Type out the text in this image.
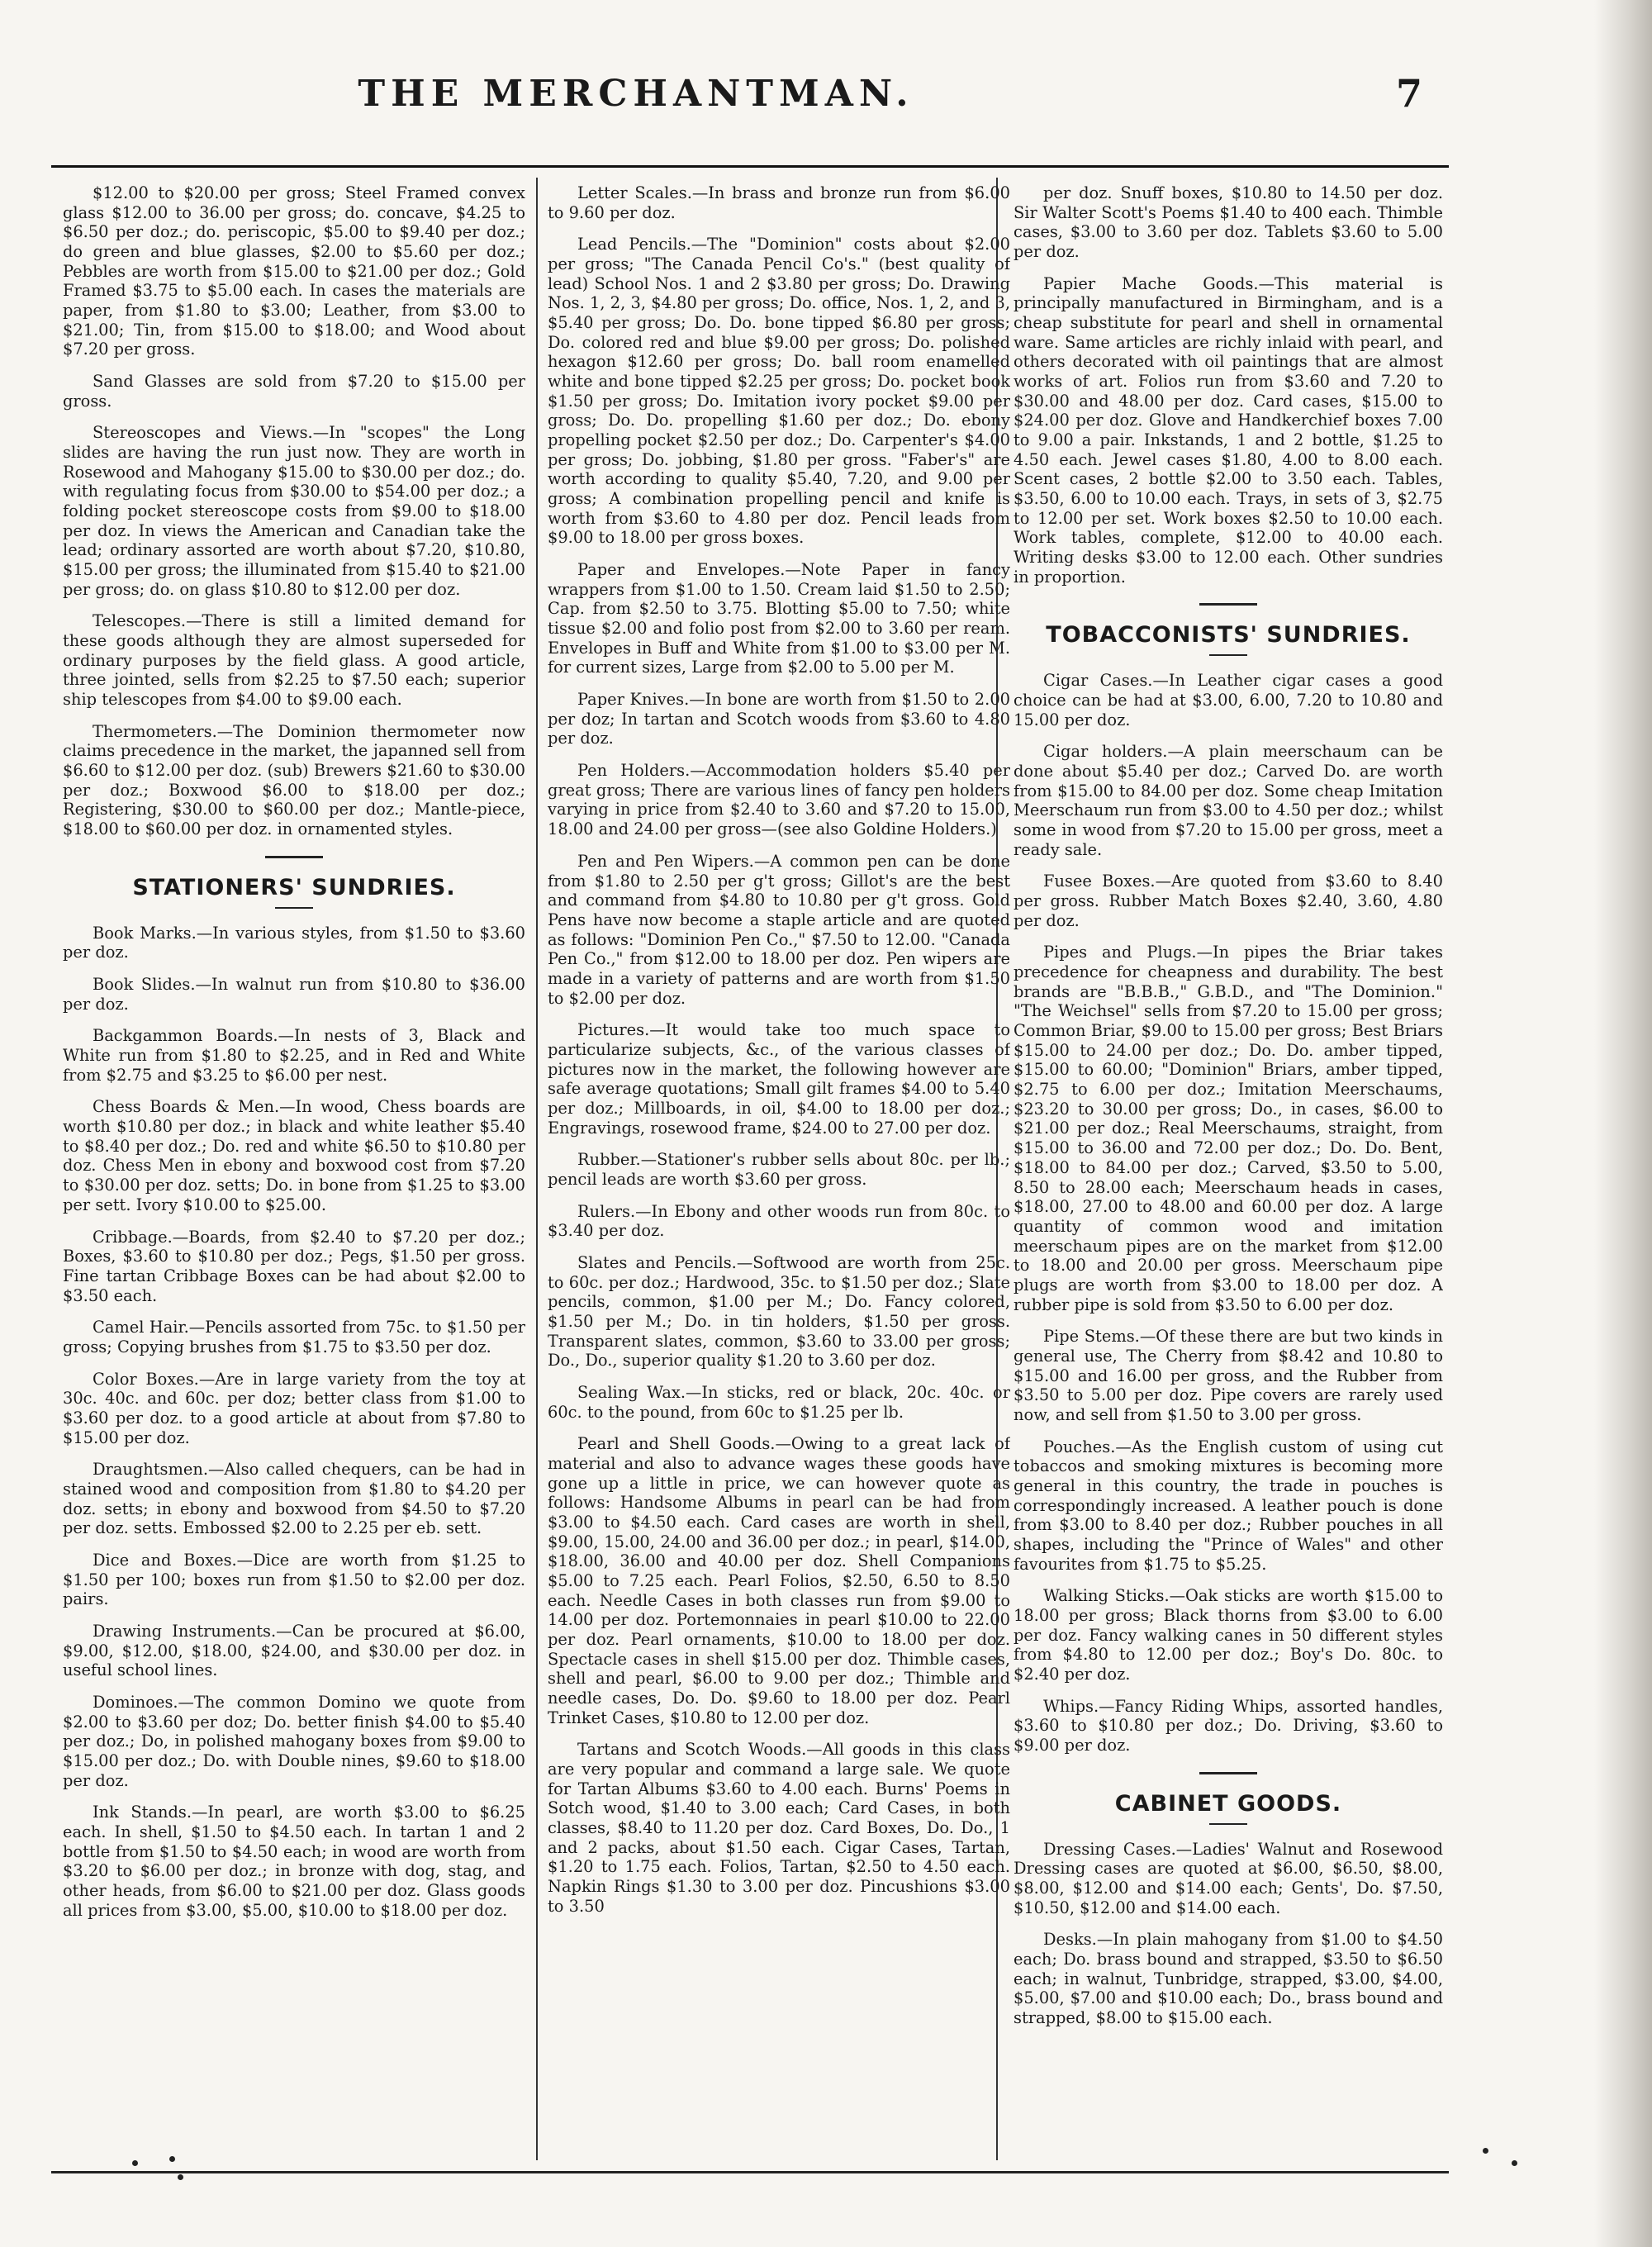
THE MERCHANTMAN.	7

$12.00 to $20.00 per gross; Steel Framed convex glass $12.00 to 36.00 per gross; do. concave, $4.25 to $6.50 per doz.; do. periscopic, $5.00 to $9.40 per doz.; do green and blue glasses, $2.00 to $5.60 per doz.; Pebbles are worth from $15.00 to $21.00 per doz.; Gold Framed $3.75 to $5.00 each. In cases the materials are paper, from $1.80 to $3.00; Leather, from $3.00 to $21.00; Tin, from $15.00 to $18.00; and Wood about $7.20 per gross.

Sand Glasses are sold from $7.20 to $15.00 per gross.

Stereoscopes and Views.—In "scopes" the Long slides are having the run just now. They are worth in Rosewood and Mahogany $15.00 to $30.00 per doz.; do. with regulating focus from $30.00 to $54.00 per doz.; a folding pocket stereoscope costs from $9.00 to $18.00 per doz. In views the American and Canadian take the lead; ordinary assorted are worth about $7.20, $10.80, $15.00 per gross; the illuminated from $15.40 to $21.00 per gross; do. on glass $10.80 to $12.00 per doz.

Telescopes.—There is still a limited demand for these goods although they are almost superseded for ordinary purposes by the field glass. A good article, three jointed, sells from $2.25 to $7.50 each; superior ship telescopes from $4.00 to $9.00 each.

Thermometers.—The Dominion thermometer now claims precedence in the market, the japanned sell from $6.60 to $12.00 per doz. (sub) Brewers $21.60 to $30.00 per doz.; Boxwood $6.00 to $18.00 per doz.; Registering, $30.00 to $60.00 per doz.; Mantle-piece, $18.00 to $60.00 per doz. in ornamented styles.

STATIONERS' SUNDRIES.

Book Marks.—In various styles, from $1.50 to $3.60 per doz.

Book Slides.—In walnut run from $10.80 to $36.00 per doz.

Backgammon Boards.—In nests of 3, Black and White run from $1.80 to $2.25, and in Red and White from $2.75 and $3.25 to $6.00 per nest.

Chess Boards & Men.—In wood, Chess boards are worth $10.80 per doz.; in black and white leather $5.40 to $8.40 per doz.; Do. red and white $6.50 to $10.80 per doz. Chess Men in ebony and boxwood cost from $7.20 to $30.00 per doz. setts; Do. in bone from $1.25 to $3.00 per sett. Ivory $10.00 to $25.00.

Cribbage.—Boards, from $2.40 to $7.20 per doz.; Boxes, $3.60 to $10.80 per doz.; Pegs, $1.50 per gross. Fine tartan Cribbage Boxes can be had about $2.00 to $3.50 each.

Camel Hair.—Pencils assorted from 75c. to $1.50 per gross; Copying brushes from $1.75 to $3.50 per doz.

Color Boxes.—Are in large variety from the toy at 30c. 40c. and 60c. per doz; better class from $1.00 to $3.60 per doz. to a good article at about from $7.80 to $15.00 per doz.

Draughtsmen.—Also called chequers, can be had in stained wood and composition from $1.80 to $4.20 per doz. setts; in ebony and boxwood from $4.50 to $7.20 per doz. setts. Embossed $2.00 to 2.25 per eb. sett.

Dice and Boxes.—Dice are worth from $1.25 to $1.50 per 100; boxes run from $1.50 to $2.00 per doz. pairs.

Drawing Instruments.—Can be procured at $6.00, $9.00, $12.00, $18.00, $24.00, and $30.00 per doz. in useful school lines.

Dominoes.—The common Domino we quote from $2.00 to $3.60 per doz; Do. better finish $4.00 to $5.40 per doz.; Do, in polished mahogany boxes from $9.00 to $15.00 per doz.; Do. with Double nines, $9.60 to $18.00 per doz.

Ink Stands.—In pearl, are worth $3.00 to $6.25 each. In shell, $1.50 to $4.50 each. In tartan 1 and 2 bottle from $1.50 to $4.50 each; in wood are worth from $3.20 to $6.00 per doz.; in bronze with dog, stag, and other heads, from $6.00 to $21.00 per doz. Glass goods all prices from $3.00, $5.00, $10.00 to $18.00 per doz.

Letter Scales.—In brass and bronze run from $6.00 to 9.60 per doz.

Lead Pencils.—The "Dominion" costs about $2.00 per gross; "The Canada Pencil Co's." (best quality of lead) School Nos. 1 and 2 $3.80 per gross; Do. Drawing Nos. 1, 2, 3, $4.80 per gross; Do. office, Nos. 1, 2, and 3, $5.40 per gross; Do. Do. bone tipped $6.80 per gross; Do. colored red and blue $9.00 per gross; Do. polished hexagon $12.60 per gross; Do. ball room enamelled white and bone tipped $2.25 per gross; Do. pocket book $1.50 per gross; Do. Imitation ivory pocket $9.00 per gross; Do. Do. propelling $1.60 per doz.; Do. ebony propelling pocket $2.50 per doz.; Do. Carpenter's $4.00 per gross; Do. jobbing, $1.80 per gross. "Faber's" are worth according to quality $5.40, 7.20, and 9.00 per gross; A combination propelling pencil and knife is worth from $3.60 to 4.80 per doz. Pencil leads from $9.00 to 18.00 per gross boxes.

Paper and Envelopes.—Note Paper in fancy wrappers from $1.00 to 1.50. Cream laid $1.50 to 2.50; Cap. from $2.50 to 3.75. Blotting $5.00 to 7.50; white tissue $2.00 and folio post from $2.00 to 3.60 per ream. Envelopes in Buff and White from $1.00 to $3.00 per M. for current sizes, Large from $2.00 to 5.00 per M.

Paper Knives.—In bone are worth from $1.50 to 2.00 per doz; In tartan and Scotch woods from $3.60 to 4.80 per doz.

Pen Holders.—Accommodation holders $5.40 per great gross; There are various lines of fancy pen holders varying in price from $2.40 to 3.60 and $7.20 to 15.00, 18.00 and 24.00 per gross—(see also Goldine Holders.)

Pen and Pen Wipers.—A common pen can be done from $1.80 to 2.50 per g't gross; Gillot's are the best and command from $4.80 to 10.80 per g't gross. Gold Pens have now become a staple article and are quoted as follows: "Dominion Pen Co.," $7.50 to 12.00. "Canada Pen Co.," from $12.00 to 18.00 per doz. Pen wipers are made in a variety of patterns and are worth from $1.50 to $2.00 per doz.

Pictures.—It would take too much space to particularize subjects, &c., of the various classes of pictures now in the market, the following however are safe average quotations; Small gilt frames $4.00 to 5.40 per doz.; Millboards, in oil, $4.00 to 18.00 per doz.; Engravings, rosewood frame, $24.00 to 27.00 per doz.

Rubber.—Stationer's rubber sells about 80c. per lb.; pencil leads are worth $3.60 per gross.

Rulers.—In Ebony and other woods run from 80c. to $3.40 per doz.

Slates and Pencils.—Softwood are worth from 25c. to 60c. per doz.; Hardwood, 35c. to $1.50 per doz.; Slate pencils, common, $1.00 per M.; Do. Fancy colored, $1.50 per M.; Do. in tin holders, $1.50 per gross. Transparent slates, common, $3.60 to 33.00 per gross; Do., Do., superior quality $1.20 to 3.60 per doz.

Sealing Wax.—In sticks, red or black, 20c. 40c. or 60c. to the pound, from 60c to $1.25 per lb.

Pearl and Shell Goods.—Owing to a great lack of material and also to advance wages these goods have gone up a little in price, we can however quote as follows: Handsome Albums in pearl can be had from $3.00 to $4.50 each. Card cases are worth in shell, $9.00, 15.00, 24.00 and 36.00 per doz.; in pearl, $14.00, $18.00, 36.00 and 40.00 per doz. Shell Companions $5.00 to 7.25 each. Pearl Folios, $2.50, 6.50 to 8.50 each. Needle Cases in both classes run from $9.00 to 14.00 per doz. Portemonnaies in pearl $10.00 to 22.00 per doz. Pearl ornaments, $10.00 to 18.00 per doz. Spectacle cases in shell $15.00 per doz. Thimble cases, shell and pearl, $6.00 to 9.00 per doz.; Thimble and needle cases, Do. Do. $9.60 to 18.00 per doz. Pearl Trinket Cases, $10.80 to 12.00 per doz.

Tartans and Scotch Woods.—All goods in this class are very popular and command a large sale. We quote for Tartan Albums $3.60 to 4.00 each. Burns' Poems in Sotch wood, $1.40 to 3.00 each; Card Cases, in both classes, $8.40 to 11.20 per doz. Card Boxes, Do. Do., 1 and 2 packs, about $1.50 each. Cigar Cases, Tartan, $1.20 to 1.75 each. Folios, Tartan, $2.50 to 4.50 each. Napkin Rings $1.30 to 3.00 per doz. Pincushions $3.00 to 3.50

per doz. Snuff boxes, $10.80 to 14.50 per doz. Sir Walter Scott's Poems $1.40 to 400 each. Thimble cases, $3.00 to 3.60 per doz. Tablets $3.60 to 5.00 per doz.

Papier Mache Goods.—This material is principally manufactured in Birmingham, and is a cheap substitute for pearl and shell in ornamental ware. Same articles are richly inlaid with pearl, and others decorated with oil paintings that are almost works of art. Folios run from $3.60 and 7.20 to $30.00 and 48.00 per doz. Card cases, $15.00 to $24.00 per doz. Glove and Handkerchief boxes 7.00 to 9.00 a pair. Inkstands, 1 and 2 bottle, $1.25 to 4.50 each. Jewel cases $1.80, 4.00 to 8.00 each. Scent cases, 2 bottle $2.00 to 3.50 each. Tables, $3.50, 6.00 to 10.00 each. Trays, in sets of 3, $2.75 to 12.00 per set. Work boxes $2.50 to 10.00 each. Work tables, complete, $12.00 to 40.00 each. Writing desks $3.00 to 12.00 each. Other sundries in proportion.

TOBACCONISTS' SUNDRIES.

Cigar Cases.—In Leather cigar cases a good choice can be had at $3.00, 6.00, 7.20 to 10.80 and 15.00 per doz.

Cigar holders.—A plain meerschaum can be done about $5.40 per doz.; Carved Do. are worth from $15.00 to 84.00 per doz. Some cheap Imitation Meerschaum run from $3.00 to 4.50 per doz.; whilst some in wood from $7.20 to 15.00 per gross, meet a ready sale.

Fusee Boxes.—Are quoted from $3.60 to 8.40 per gross. Rubber Match Boxes $2.40, 3.60, 4.80 per doz.

Pipes and Plugs.—In pipes the Briar takes precedence for cheapness and durability. The best brands are "B.B.B.," G.B.D., and "The Dominion." "The Weichsel" sells from $7.20 to 15.00 per gross; Common Briar, $9.00 to 15.00 per gross; Best Briars $15.00 to 24.00 per doz.; Do. Do. amber tipped, $15.00 to 60.00; "Dominion" Briars, amber tipped, $2.75 to 6.00 per doz.; Imitation Meerschaums, $23.20 to 30.00 per gross; Do., in cases, $6.00 to $21.00 per doz.; Real Meerschaums, straight, from $15.00 to 36.00 and 72.00 per doz.; Do. Do. Bent, $18.00 to 84.00 per doz.; Carved, $3.50 to 5.00, 8.50 to 28.00 each; Meerschaum heads in cases, $18.00, 27.00 to 48.00 and 60.00 per doz. A large quantity of common wood and imitation meerschaum pipes are on the market from $12.00 to 18.00 and 20.00 per gross. Meerschaum pipe plugs are worth from $3.00 to 18.00 per doz. A rubber pipe is sold from $3.50 to 6.00 per doz.

Pipe Stems.—Of these there are but two kinds in general use, The Cherry from $8.42 and 10.80 to $15.00 and 16.00 per gross, and the Rubber from $3.50 to 5.00 per doz. Pipe covers are rarely used now, and sell from $1.50 to 3.00 per gross.

Pouches.—As the English custom of using cut tobaccos and smoking mixtures is becoming more general in this country, the trade in pouches is correspondingly increased. A leather pouch is done from $3.00 to 8.40 per doz.; Rubber pouches in all shapes, including the "Prince of Wales" and other favourites from $1.75 to $5.25.

Walking Sticks.—Oak sticks are worth $15.00 to 18.00 per gross; Black thorns from $3.00 to 6.00 per doz. Fancy walking canes in 50 different styles from $4.80 to 12.00 per doz.; Boy's Do. 80c. to $2.40 per doz.

Whips.—Fancy Riding Whips, assorted handles, $3.60 to $10.80 per doz.; Do. Driving, $3.60 to $9.00 per doz.

CABINET GOODS.

Dressing Cases.—Ladies' Walnut and Rosewood Dressing cases are quoted at $6.00, $6.50, $8.00, $8.00, $12.00 and $14.00 each; Gents', Do. $7.50, $10.50, $12.00 and $14.00 each.

Desks.—In plain mahogany from $1.00 to $4.50 each; Do. brass bound and strapped, $3.50 to $6.50 each; in walnut, Tunbridge, strapped, $3.00, $4.00, $5.00, $7.00 and $10.00 each; Do., brass bound and strapped, $8.00 to $15.00 each.
